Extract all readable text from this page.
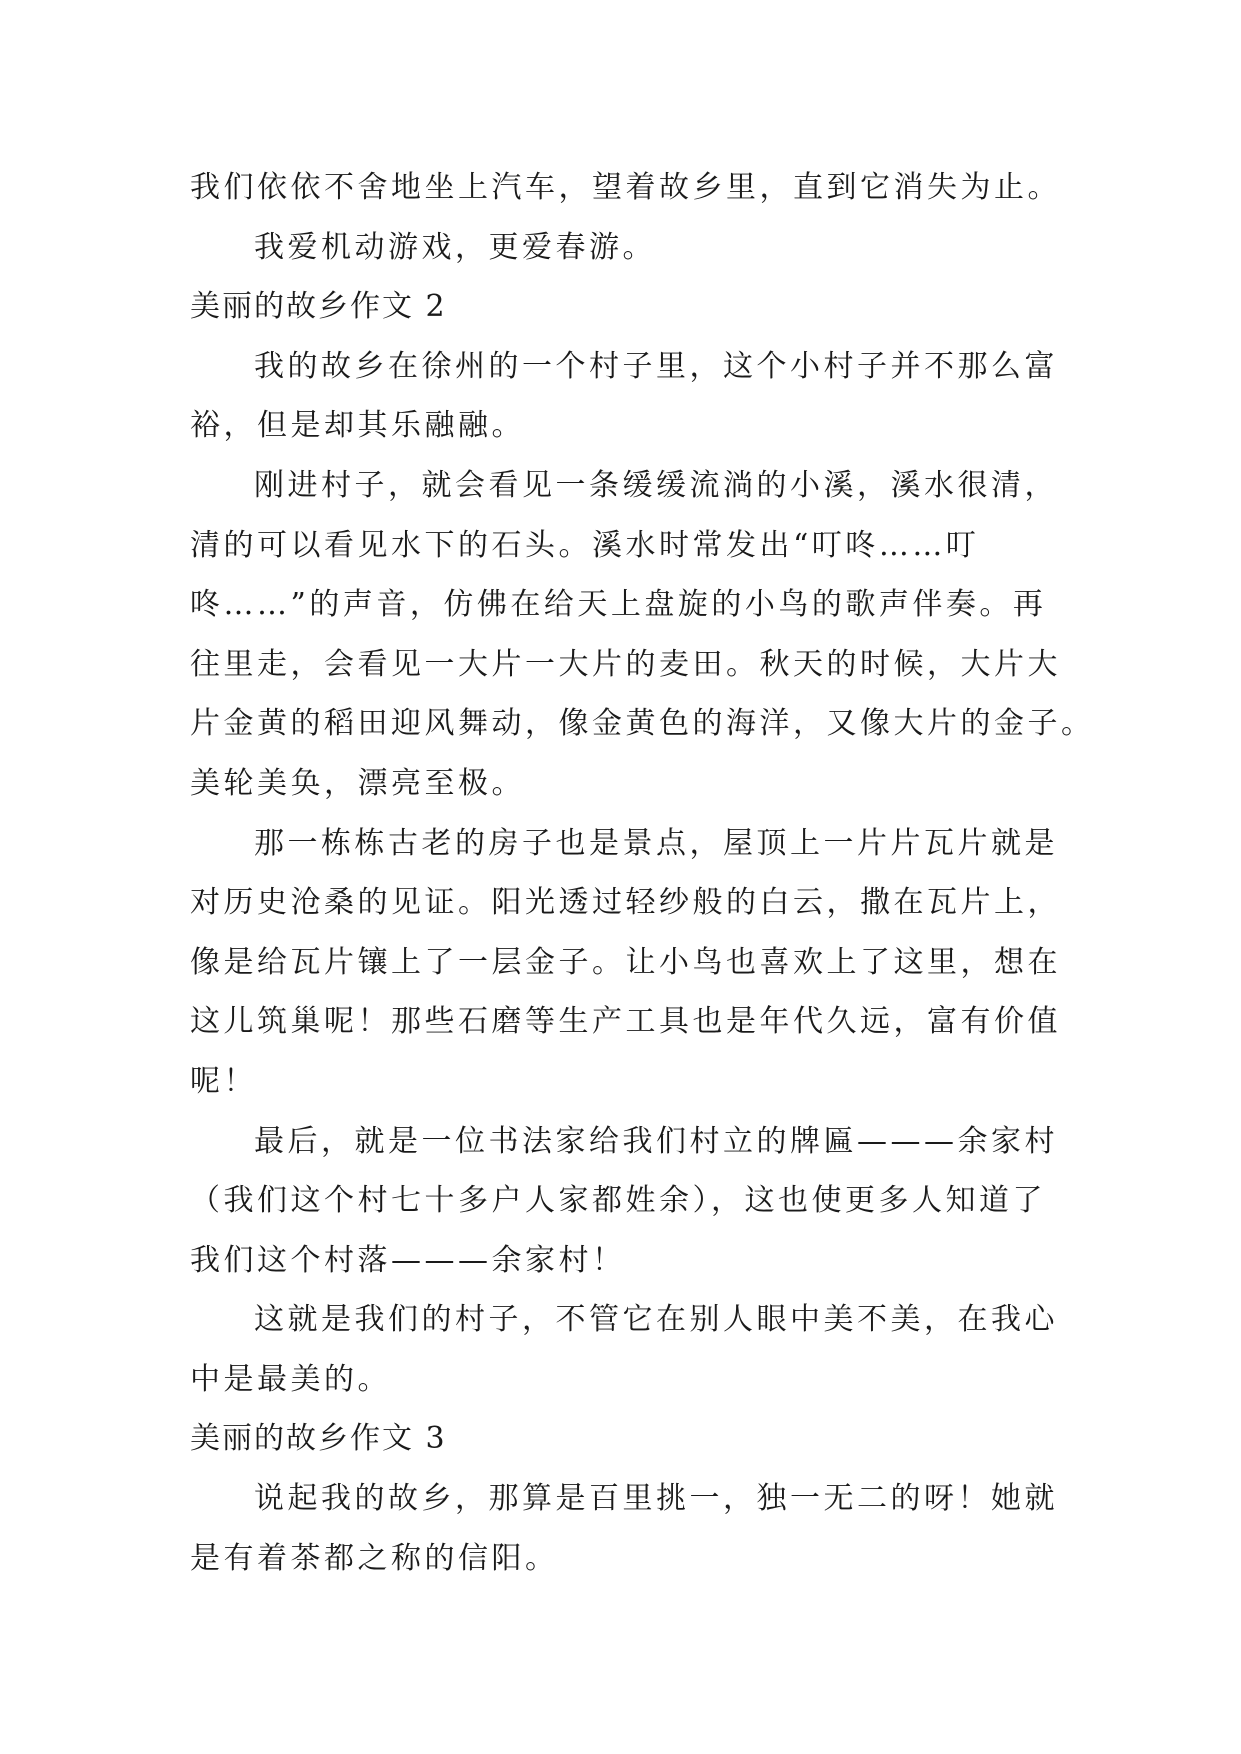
我们依依不舍地坐上汽车，望着故乡里，直到它消失为止。
我爱机动游戏，更爱春游。
美丽的故乡作文 2
我的故乡在徐州的一个村子里，这个小村子并不那么富
裕，但是却其乐融融。
刚进村子，就会看见一条缓缓流淌的小溪，溪水很清，
清的可以看见水下的石头。溪水时常发出“叮咚……叮
咚……”的声音，仿佛在给天上盘旋的小鸟的歌声伴奏。再
往里走，会看见一大片一大片的麦田。秋天的时候，大片大
片金黄的稻田迎风舞动，像金黄色的海洋，又像大片的金子。
美轮美奂，漂亮至极。
那一栋栋古老的房子也是景点，屋顶上一片片瓦片就是
对历史沧桑的见证。阳光透过轻纱般的白云，撒在瓦片上，
像是给瓦片镶上了一层金子。让小鸟也喜欢上了这里，想在
这儿筑巢呢！那些石磨等生产工具也是年代久远，富有价值
呢！
最后，就是一位书法家给我们村立的牌匾———余家村
（我们这个村七十多户人家都姓余），这也使更多人知道了
我们这个村落———余家村！
这就是我们的村子，不管它在别人眼中美不美，在我心
中是最美的。
美丽的故乡作文 3
说起我的故乡，那算是百里挑一，独一无二的呀！她就
是有着茶都之称的信阳。
